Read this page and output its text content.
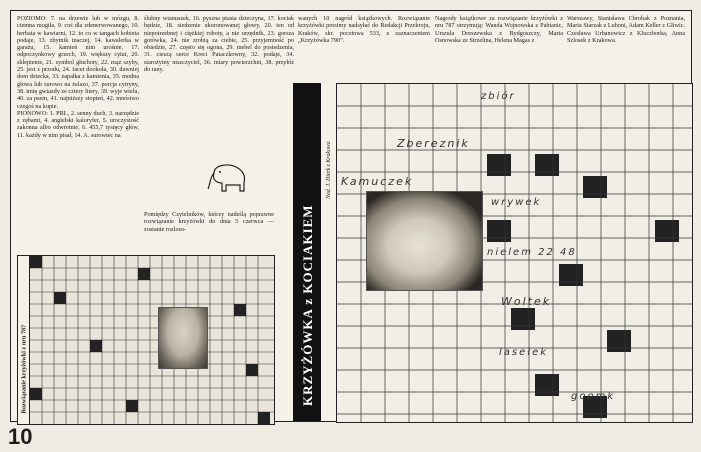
POZIOMO: 7. na drzewie lub w mózgu, 8. ciemna mogiła, 9. coś dla zdenerwowanego, 10. herbata w kawiarni, 12. to co w tangach kobieta podaje, 13. zbytnik inaczej, 14. kawalerka w garażu, 15. kamień nim urośnie, 17. odpoczynkowy grzech, 19. większy cytat, 20. sklepienie, 21. symbol głuchoty, 22. mąż szyby, 25. jest z przodu, 24. facet dookoła, 30. dawniej dom dziecka, 33. zapałka z kamienia, 35. modna głowa lub surowo na żelazo, 37. porcja cytryny, 38. imię gwiazdy ze cztery litery, 39. wyje wielu, 40. za psem, 41. najniższy stopień, 42. mnóstwo czegoś na kupie.
PIONOWO: 1. PRL, 2. senny duch, 3. narzędzie z zębami, 4. angielski kaloryfer, 5. uroczystość zakonna albo odwrotnie, 6. 455,7 tysięcy głów, 11. każdy w nim pisał, 14. A. surowiec na
ślubny wianuszek, 16. pyszna ptasia dzieczyna, 17. kociak będzie, 18. siedzenie ukoronowanej głowy, 20. ten od niepotrzebnej i ciężkiej roboty, a nie urzędnik, 23. gorsza gotówka, 24. nie zrobią za ciebie, 25. przyjemność po obiedzie, 27. często się ogona, 29. mebel do posiedzenia, 31. cieszą serce Kreci Pataczkowny, 32. podaje, 34. starożytny niszczyciel, 36. miary powierzchni, 38. przyłóż do rany.
wanych 10 nagród książkowych. Rozwiązanie krzyżówki prosimy nadsyłać do Redakcji Przekroju, Kraków, skr. pocztowa 533, z zaznaczeniem „Krzyżówka 790”.
Nagrody książkowe za rozwiązanie krzyżówki z nru 787 otrzymują: Wanda Wojnowska z Pabianic, Urszula Dorszewska z Bydgoszczy, Maria Osnowska ze Strzelina, Helena Magas z
Warszawy, Stanisława Chrobak z Poznania, Maria Starzak z Luboni, Adam Keller z Gliwic. Czesława Urbanowicz z Kluczborka, Anna Szlosek z Krakowa.
Pomiędzy Czytelników, którzy nadeślą poprawne rozwiązanie krzyżówki do dnia 5 czerwca — zostanie rozloso-
Rozwiązanie krzyżówki z nru 787	KRZYŻÓWKA z KOCIAKIEM
Nad. J. Dierk z Krakowa	Zbereznik
Kamuczek
wrywek
nielem 22 48
Woltek
lasełek
goomk
zbiór
10
